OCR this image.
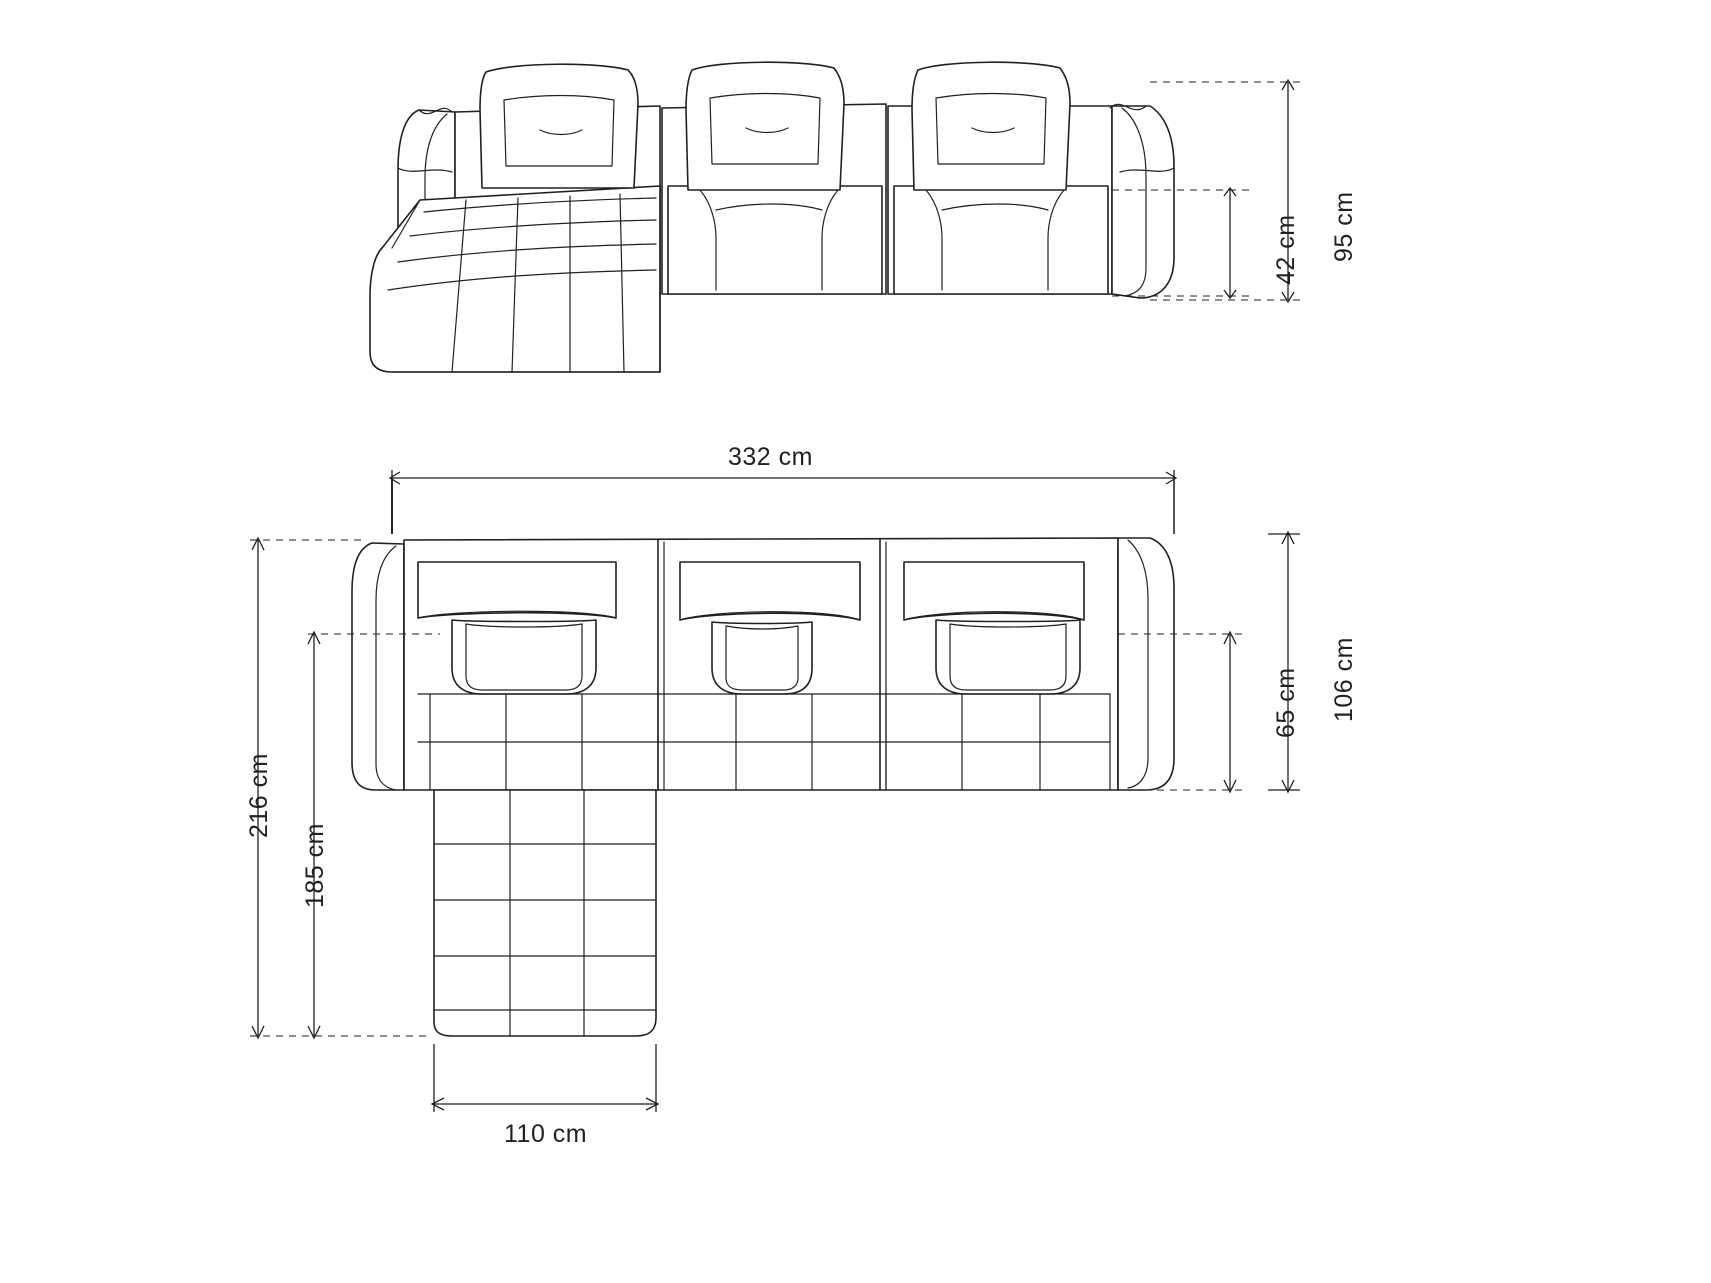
95 cm
42 cm
332 cm
216 cm
185 cm
110 cm
106 cm
65 cm
